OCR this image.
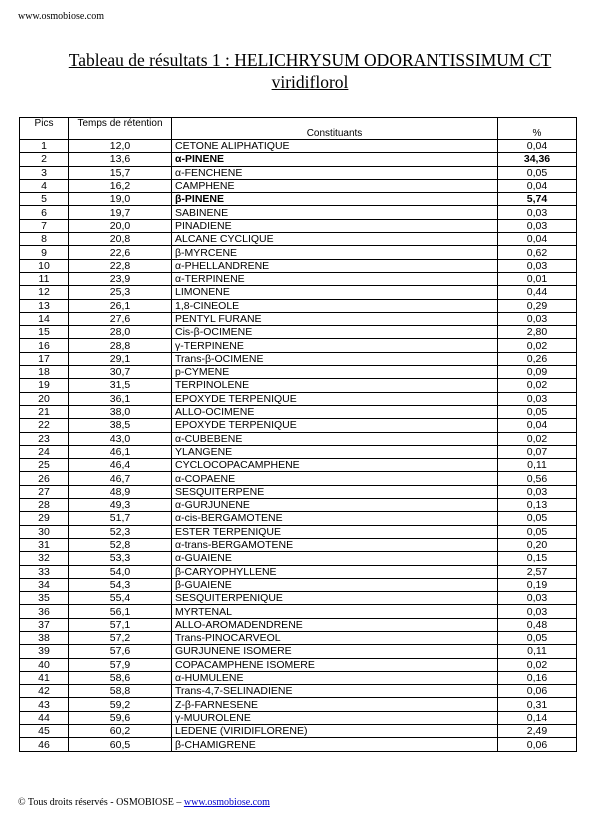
www.osmobiose.com
Tableau de résultats 1 : HELICHRYSUM ODORANTISSIMUM CT
viridiflorol
Pics	Temps de rétention	Constituants	%
1	12,0	CETONE ALIPHATIQUE	0,04
2	13,6	α-PINENE	34,36
3	15,7	α-FENCHENE	0,05
4	16,2	CAMPHENE	0,04
5	19,0	β-PINENE	5,74
6	19,7	SABINENE	0,03
7	20,0	PINADIENE	0,03
8	20,8	ALCANE CYCLIQUE	0,04
9	22,6	β-MYRCENE	0,62
10	22,8	α-PHELLANDRENE	0,03
11	23,9	α-TERPINENE	0,01
12	25,3	LIMONENE	0,44
13	26,1	1,8-CINEOLE	0,29
14	27,6	PENTYL FURANE	0,03
15	28,0	Cis-β-OCIMENE	2,80
16	28,8	γ-TERPINENE	0,02
17	29,1	Trans-β-OCIMENE	0,26
18	30,7	p-CYMENE	0,09
19	31,5	TERPINOLENE	0,02
20	36,1	EPOXYDE TERPENIQUE	0,03
21	38,0	ALLO-OCIMENE	0,05
22	38,5	EPOXYDE TERPENIQUE	0,04
23	43,0	α-CUBEBENE	0,02
24	46,1	YLANGENE	0,07
25	46,4	CYCLOCOPACAMPHENE	0,11
26	46,7	α-COPAENE	0,56
27	48,9	SESQUITERPENE	0,03
28	49,3	α-GURJUNENE	0,13
29	51,7	α-cis-BERGAMOTENE	0,05
30	52,3	ESTER TERPENIQUE	0,05
31	52,8	α-trans-BERGAMOTENE	0,20
32	53,3	α-GUAIENE	0,15
33	54,0	β-CARYOPHYLLENE	2,57
34	54,3	β-GUAIENE	0,19
35	55,4	SESQUITERPENIQUE	0,03
36	56,1	MYRTENAL	0,03
37	57,1	ALLO-AROMADENDRENE	0,48
38	57,2	Trans-PINOCARVEOL	0,05
39	57,6	GURJUNENE ISOMERE	0,11
40	57,9	COPACAMPHENE ISOMERE	0,02
41	58,6	α-HUMULENE	0,16
42	58,8	Trans-4,7-SELINADIENE	0,06
43	59,2	Z-β-FARNESENE	0,31
44	59,6	γ-MUUROLENE	0,14
45	60,2	LEDENE (VIRIDIFLORENE)	2,49
46	60,5	β-CHAMIGRENE	0,06
© Tous droits réservés - OSMOBIOSE – www.osmobiose.com
